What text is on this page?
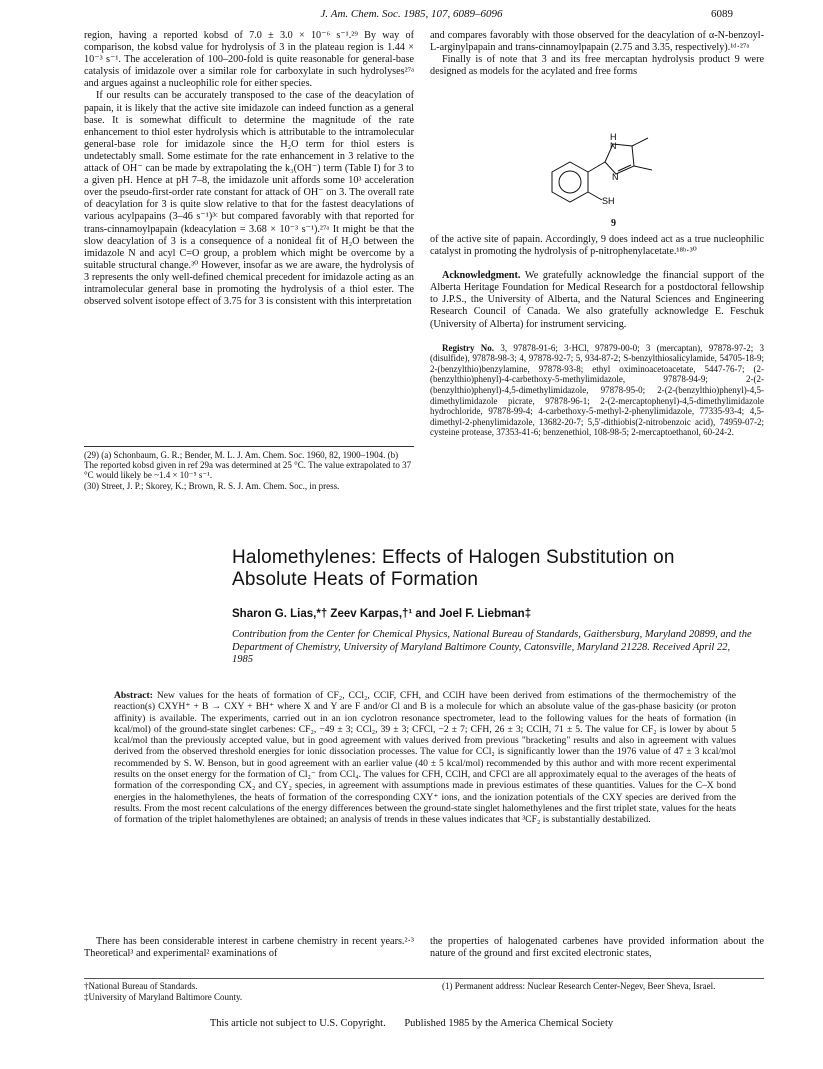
J. Am. Chem. Soc. 1985, 107, 6089–6096	6089

region, having a reported kobsd of 7.0 ± 3.0 × 10⁻⁶ s⁻¹.²⁹ By way of comparison, the kobsd value for hydrolysis of 3 in the plateau region is 1.44 × 10⁻³ s⁻¹. The acceleration of 100–200-fold is quite reasonable for general-base catalysis of imidazole over a similar role for carboxylate in such hydrolyses²⁷ᵃ and argues against a nucleophilic role for either species.

If our results can be accurately transposed to the case of the deacylation of papain, it is likely that the active site imidazole can indeed function as a general base. It is somewhat difficult to determine the magnitude of the rate enhancement to thiol ester hydrolysis which is attributable to the intramolecular general-base role for imidazole since the H₂O term for thiol esters is undetectably small. Some estimate for the rate enhancement in 3 relative to the attack of OH⁻ can be made by extrapolating the k₃(OH⁻) term (Table I) for 3 to a given pH. Hence at pH 7–8, the imidazole unit affords some 10³ acceleration over the pseudo-first-order rate constant for attack of OH⁻ on 3. The overall rate of deacylation for 3 is quite slow relative to that for the fastest deacylations of various acylpapains (3–46 s⁻¹)³ᶜ but compared favorably with that reported for trans-cinnamoylpapain (kdeacylation = 3.68 × 10⁻³ s⁻¹).²⁷ᵃ It might be that the slow deacylation of 3 is a consequence of a nonideal fit of H₂O between the imidazole N and acyl C=O group, a problem which might be overcome by a suitable structural change.³⁰ However, insofar as we are aware, the hydrolysis of 3 represents the only well-defined chemical precedent for imidazole acting as an intramolecular general base in promoting the hydrolysis of a thiol ester. The observed solvent isotope effect of 3.75 for 3 is consistent with this interpretation

(29) (a) Schonbaum, G. R.; Bender, M. L. J. Am. Chem. Soc. 1960, 82, 1900–1904. (b) The reported kobsd given in ref 29a was determined at 25 °C. The value extrapolated to 37 °C would likely be ~1.4 × 10⁻⁵ s⁻¹.
(30) Street, J. P.; Skorey, K.; Brown, R. S. J. Am. Chem. Soc., in press.

and compares favorably with those observed for the deacylation of α-N-benzoyl-L-arginylpapain and trans-cinnamoylpapain (2.75 and 3.35, respectively).¹ᵈ·²⁷ᵃ

Finally is of note that 3 and its free mercaptan hydrolysis product 9 were designed as models for the acylated and free forms

H
N
N
SH
9

of the active site of papain. Accordingly, 9 does indeed act as a true nucleophilic catalyst in promoting the hydrolysis of p-nitrophenylacetate.¹⁸ᵇ·³⁰

Acknowledgment. We gratefully acknowledge the financial support of the Alberta Heritage Foundation for Medical Research for a postdoctoral fellowship to J.P.S., the University of Alberta, and the Natural Sciences and Engineering Research Council of Canada. We also gratefully acknowledge E. Feschuk (University of Alberta) for instrument servicing.

Registry No. 3, 97878-91-6; 3·HCl, 97879-00-0; 3 (mercaptan), 97878-97-2; 3 (disulfide), 97878-98-3; 4, 97878-92-7; 5, 934-87-2; S-benzylthiosalicylamide, 54705-18-9; 2-(benzylthio)benzylamine, 97878-93-8; ethyl oximinoacetoacetate, 5447-76-7; (2-(benzylthio)phenyl)-4-carbethoxy-5-methylimidazole, 97878-94-9; 2-(2-(benzylthio)phenyl)-4,5-dimethylimidazole, 97878-95-0; 2-(2-(benzylthio)phenyl)-4,5-dimethylimidazole picrate, 97878-96-1; 2-(2-mercaptophenyl)-4,5-dimethylimidazole hydrochloride, 97878-99-4; 4-carbethoxy-5-methyl-2-phenylimidazole, 77335-93-4; 4,5-dimethyl-2-phenylimidazole, 13682-20-7; 5,5′-dithiobis(2-nitrobenzoic acid), 74959-07-2; cysteine protease, 37353-41-6; benzenethiol, 108-98-5; 2-mercaptoethanol, 60-24-2.

Halomethylenes: Effects of Halogen Substitution on Absolute Heats of Formation
Sharon G. Lias,*† Zeev Karpas,†¹ and Joel F. Liebman‡
Contribution from the Center for Chemical Physics, National Bureau of Standards, Gaithersburg, Maryland 20899, and the Department of Chemistry, University of Maryland Baltimore County, Catonsville, Maryland 21228. Received April 22, 1985
Abstract: New values for the heats of formation of CF₂, CCl₂, CClF, CFH, and CClH have been derived from estimations of the thermochemistry of the reaction(s) CXYH⁺ + B → CXY + BH⁺ where X and Y are F and/or Cl and B is a molecule for which an absolute value of the gas-phase basicity (or proton affinity) is available. The experiments, carried out in an ion cyclotron resonance spectrometer, lead to the following values for the heats of formation (in kcal/mol) of the ground-state singlet carbenes: CF₂, −49 ± 3; CCl₂, 39 ± 3; CFCl, −2 ± 7; CFH, 26 ± 3; CClH, 71 ± 5. The value for CF₂ is lower by about 5 kcal/mol than the previously accepted value, but in good agreement with values derived from previous "bracketing" results and also in agreement with values derived from the observed threshold energies for ionic dissociation processes. The value for CCl₂ is significantly lower than the 1976 value of 47 ± 3 kcal/mol recommended by S. W. Benson, but in good agreement with an earlier value (40 ± 5 kcal/mol) recommended by this author and with more recent experimental results on the onset energy for the formation of Cl₂⁻ from CCl₄. The values for CFH, CClH, and CFCl are all approximately equal to the averages of the heats of formation of the corresponding CX₂ and CY₂ species, in agreement with assumptions made in previous estimates of these quantities. Values for the C–X bond energies in the halomethylenes, the heats of formation of the corresponding CXY⁺ ions, and the ionization potentials of the CXY species are derived from the results. From the most recent calculations of the energy differences between the ground-state singlet halomethylenes and the first triplet state, values for the heats of formation of the triplet halomethylenes are obtained; an analysis of trends in these values indicates that ³CF₂ is substantially destabilized.

There has been considerable interest in carbene chemistry in recent years.²·³ Theoretical³ and experimental² examinations of

the properties of halogenated carbenes have provided information about the nature of the ground and first excited electronic states,

†National Bureau of Standards.
‡University of Maryland Baltimore County.
(1) Permanent address: Nuclear Research Center-Negev, Beer Sheva, Israel.
This article not subject to U.S. Copyright. Published 1985 by the America Chemical Society
